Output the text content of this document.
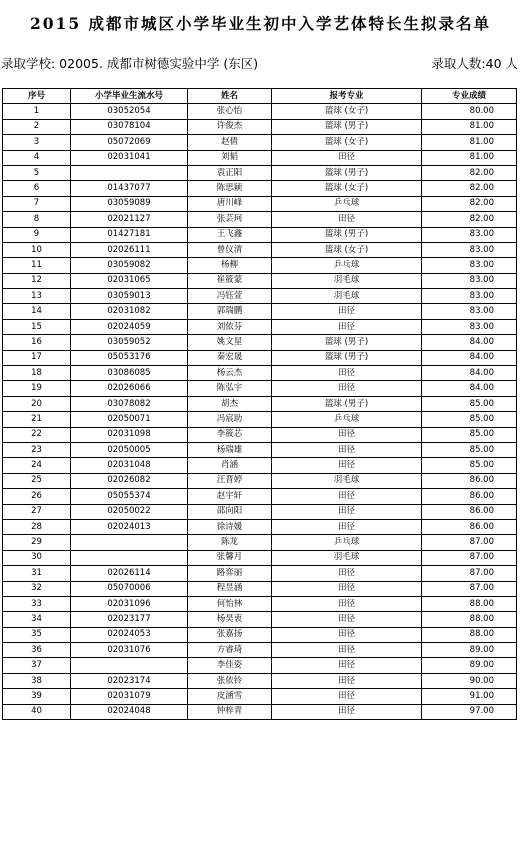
2015 成都市城区小学毕业生初中入学艺体特长生拟录名单
录取学校: 02005. 成都市树德实验中学 (东区)	录取人数:40 人
序号	小学毕业生流水号	姓名	报考专业	专业成绩
1	03052054	张心怡	篮球 (女子)	80.00
2	03078104	许俊杰	篮球 (男子)	81.00
3	05072069	赵倩	篮球 (女子)	81.00
4	02031041	刘韬	田径	81.00
5		袁正阳	篮球 (男子)	82.00
6	01437077	陈思颖	篮球 (女子)	82.00
7	03059089	唐川峰	乒乓球	82.00
8	02021127	张芸珂	田径	82.00
9	01427181	王飞鑫	篮球 (男子)	83.00
10	02026111	曾仪清	篮球 (女子)	83.00
11	03059082	杨柳	乒乓球	83.00
12	02031065	崔筱蒙	羽毛球	83.00
13	03059013	冯钰萱	羽毛球	83.00
14	02031082	郭瑞鹏	田径	83.00
15	02024059	刘依芬	田径	83.00
16	03059052	姚文星	篮球 (男子)	84.00
17	05053176	秦宏晟	篮球 (男子)	84.00
18	03086085	杨云杰	田径	84.00
19	02026066	陈弘宇	田径	84.00
20	03078082	胡杰	篮球 (男子)	85.00
21	02050071	冯宸助	乒乓球	85.00
22	02031098	李筱芯	田径	85.00
23	02050005	杨瑞雄	田径	85.00
24	02031048	肖涵	田径	85.00
25	02026082	汪晋婷	羽毛球	86.00
26	05055374	赵宇轩	田径	86.00
27	02050022	邵向阳	田径	86.00
28	02024013	徐诗媛	田径	86.00
29		陈龙	乒乓球	87.00
30		张馨月	羽毛球	87.00
31	02026114	路弈丽	田径	87.00
32	05070006	程昱涵	田径	87.00
33	02031096	何怡林	田径	88.00
34	02023177	杨昊衷	田径	88.00
35	02024053	张嘉扬	田径	88.00
36	02031076	方睿琦	田径	89.00
37		李佳姿	田径	89.00
38	02023174	张依铃	田径	90.00
39	02031079	皮涵雪	田径	91.00
40	02024048	钟梓青	田径	97.00
